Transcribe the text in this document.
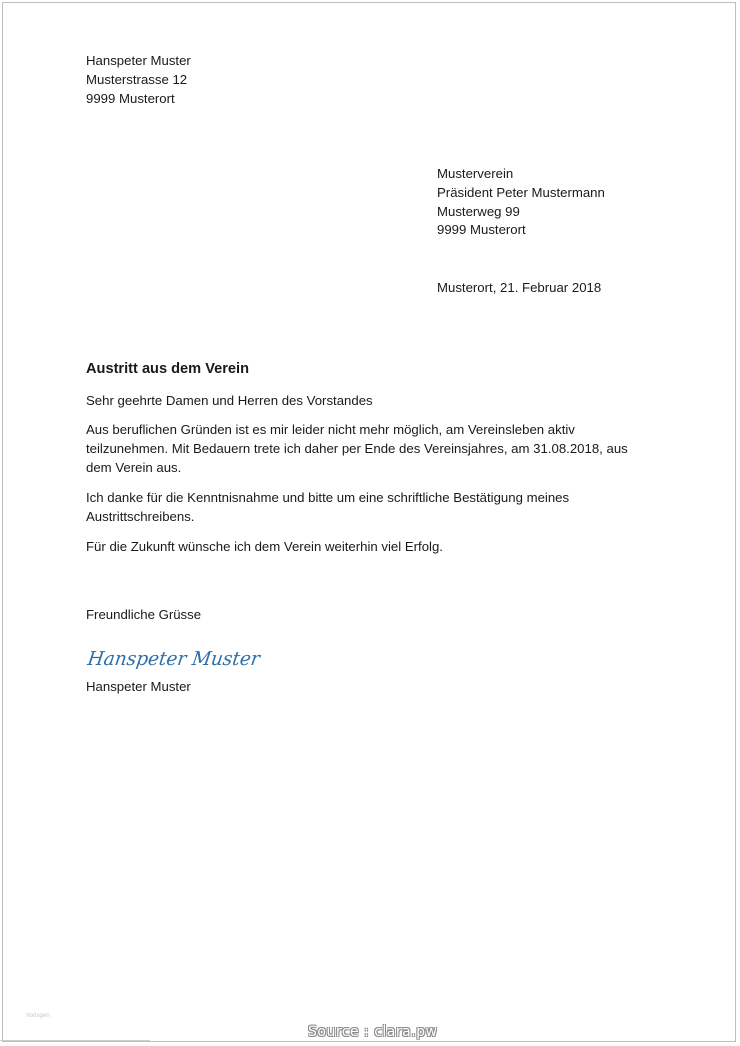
Hanspeter Muster
Musterstrasse 12
9999 Musterort
Musterverein
Präsident Peter Mustermann
Musterweg 99
9999 Musterort
Musterort, 21. Februar 2018
Austritt aus dem Verein
Sehr geehrte Damen und Herren des Vorstandes
Aus beruflichen Gründen ist es mir leider nicht mehr möglich, am Vereinsleben aktiv
teilzunehmen. Mit Bedauern trete ich daher per Ende des Vereinsjahres, am 31.08.2018, aus
dem Verein aus.
Ich danke für die Kenntnisnahme und bitte um eine schriftliche Bestätigung meines
Austrittschreibens.
Für die Zukunft wünsche ich dem Verein weiterhin viel Erfolg.
Freundliche Grüsse
Hanspeter Muster
Hanspeter Muster
Vorlagen
Source : clara.pw
